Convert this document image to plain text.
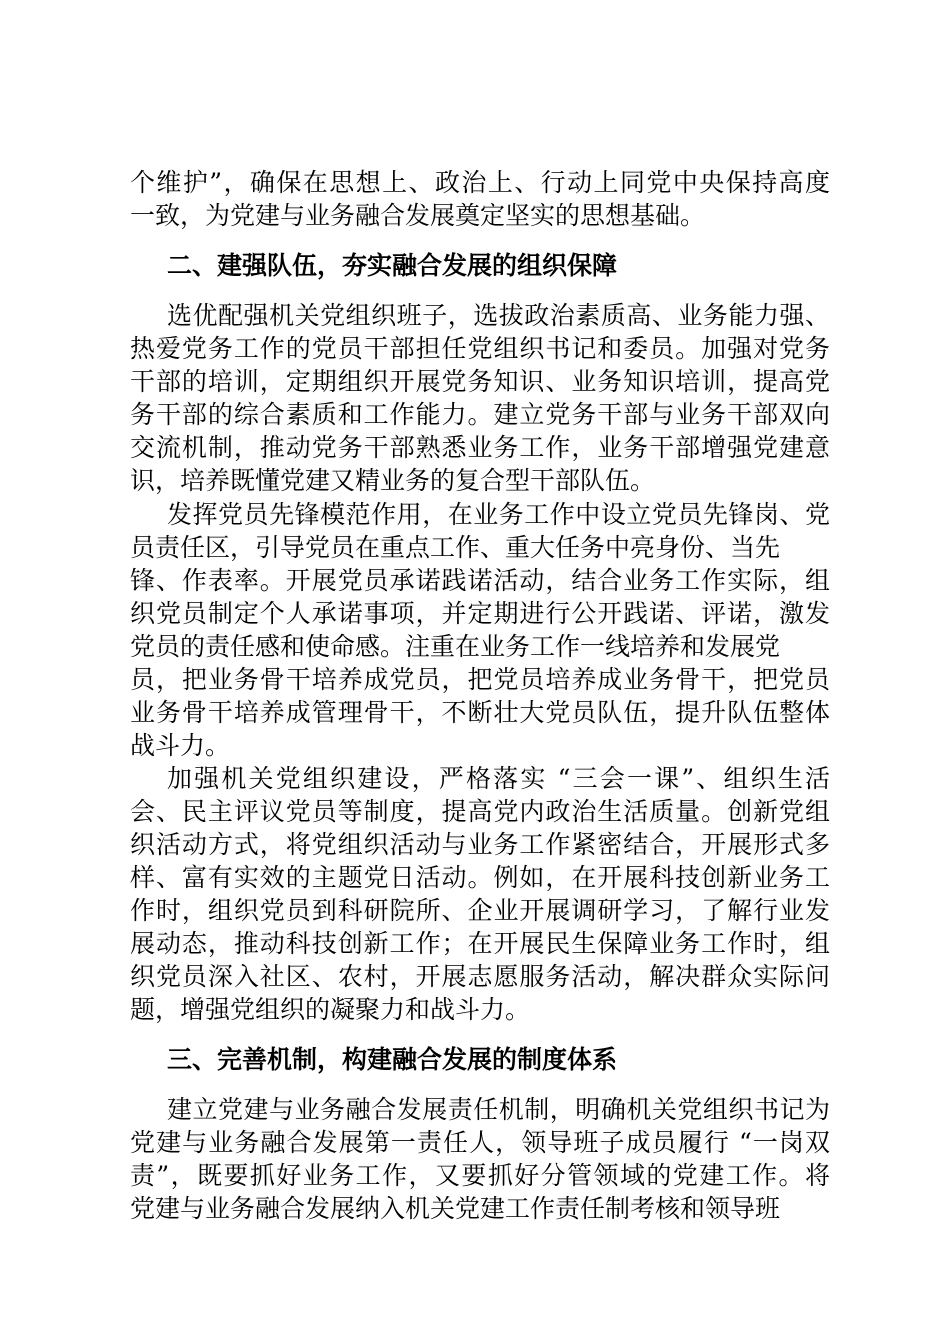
个维护”，确保在思想上、政治上、行动上同党中央保持高度
一致，为党建与业务融合发展奠定坚实的思想基础。
二、建强队伍，夯实融合发展的组织保障
选优配强机关党组织班子，选拔政治素质高、业务能力强、
热爱党务工作的党员干部担任党组织书记和委员。加强对党务
干部的培训，定期组织开展党务知识、业务知识培训，提高党
务干部的综合素质和工作能力。建立党务干部与业务干部双向
交流机制，推动党务干部熟悉业务工作，业务干部增强党建意
识，培养既懂党建又精业务的复合型干部队伍。
发挥党员先锋模范作用，在业务工作中设立党员先锋岗、党
员责任区，引导党员在重点工作、重大任务中亮身份、当先
锋、作表率。开展党员承诺践诺活动，结合业务工作实际，组
织党员制定个人承诺事项，并定期进行公开践诺、评诺，激发
党员的责任感和使命感。注重在业务工作一线培养和发展党
员，把业务骨干培养成党员，把党员培养成业务骨干，把党员
业务骨干培养成管理骨干，不断壮大党员队伍，提升队伍整体
战斗力。
加强机关党组织建设，严格落实 “三会一课”、组织生活
会、民主评议党员等制度，提高党内政治生活质量。创新党组
织活动方式，将党组织活动与业务工作紧密结合，开展形式多
样、富有实效的主题党日活动。例如，在开展科技创新业务工
作时，组织党员到科研院所、企业开展调研学习，了解行业发
展动态，推动科技创新工作；在开展民生保障业务工作时，组
织党员深入社区、农村，开展志愿服务活动，解决群众实际问
题，增强党组织的凝聚力和战斗力。
三、完善机制，构建融合发展的制度体系
建立党建与业务融合发展责任机制，明确机关党组织书记为
党建与业务融合发展第一责任人，领导班子成员履行 “一岗双
责”，既要抓好业务工作，又要抓好分管领域的党建工作。将
党建与业务融合发展纳入机关党建工作责任制考核和领导班
